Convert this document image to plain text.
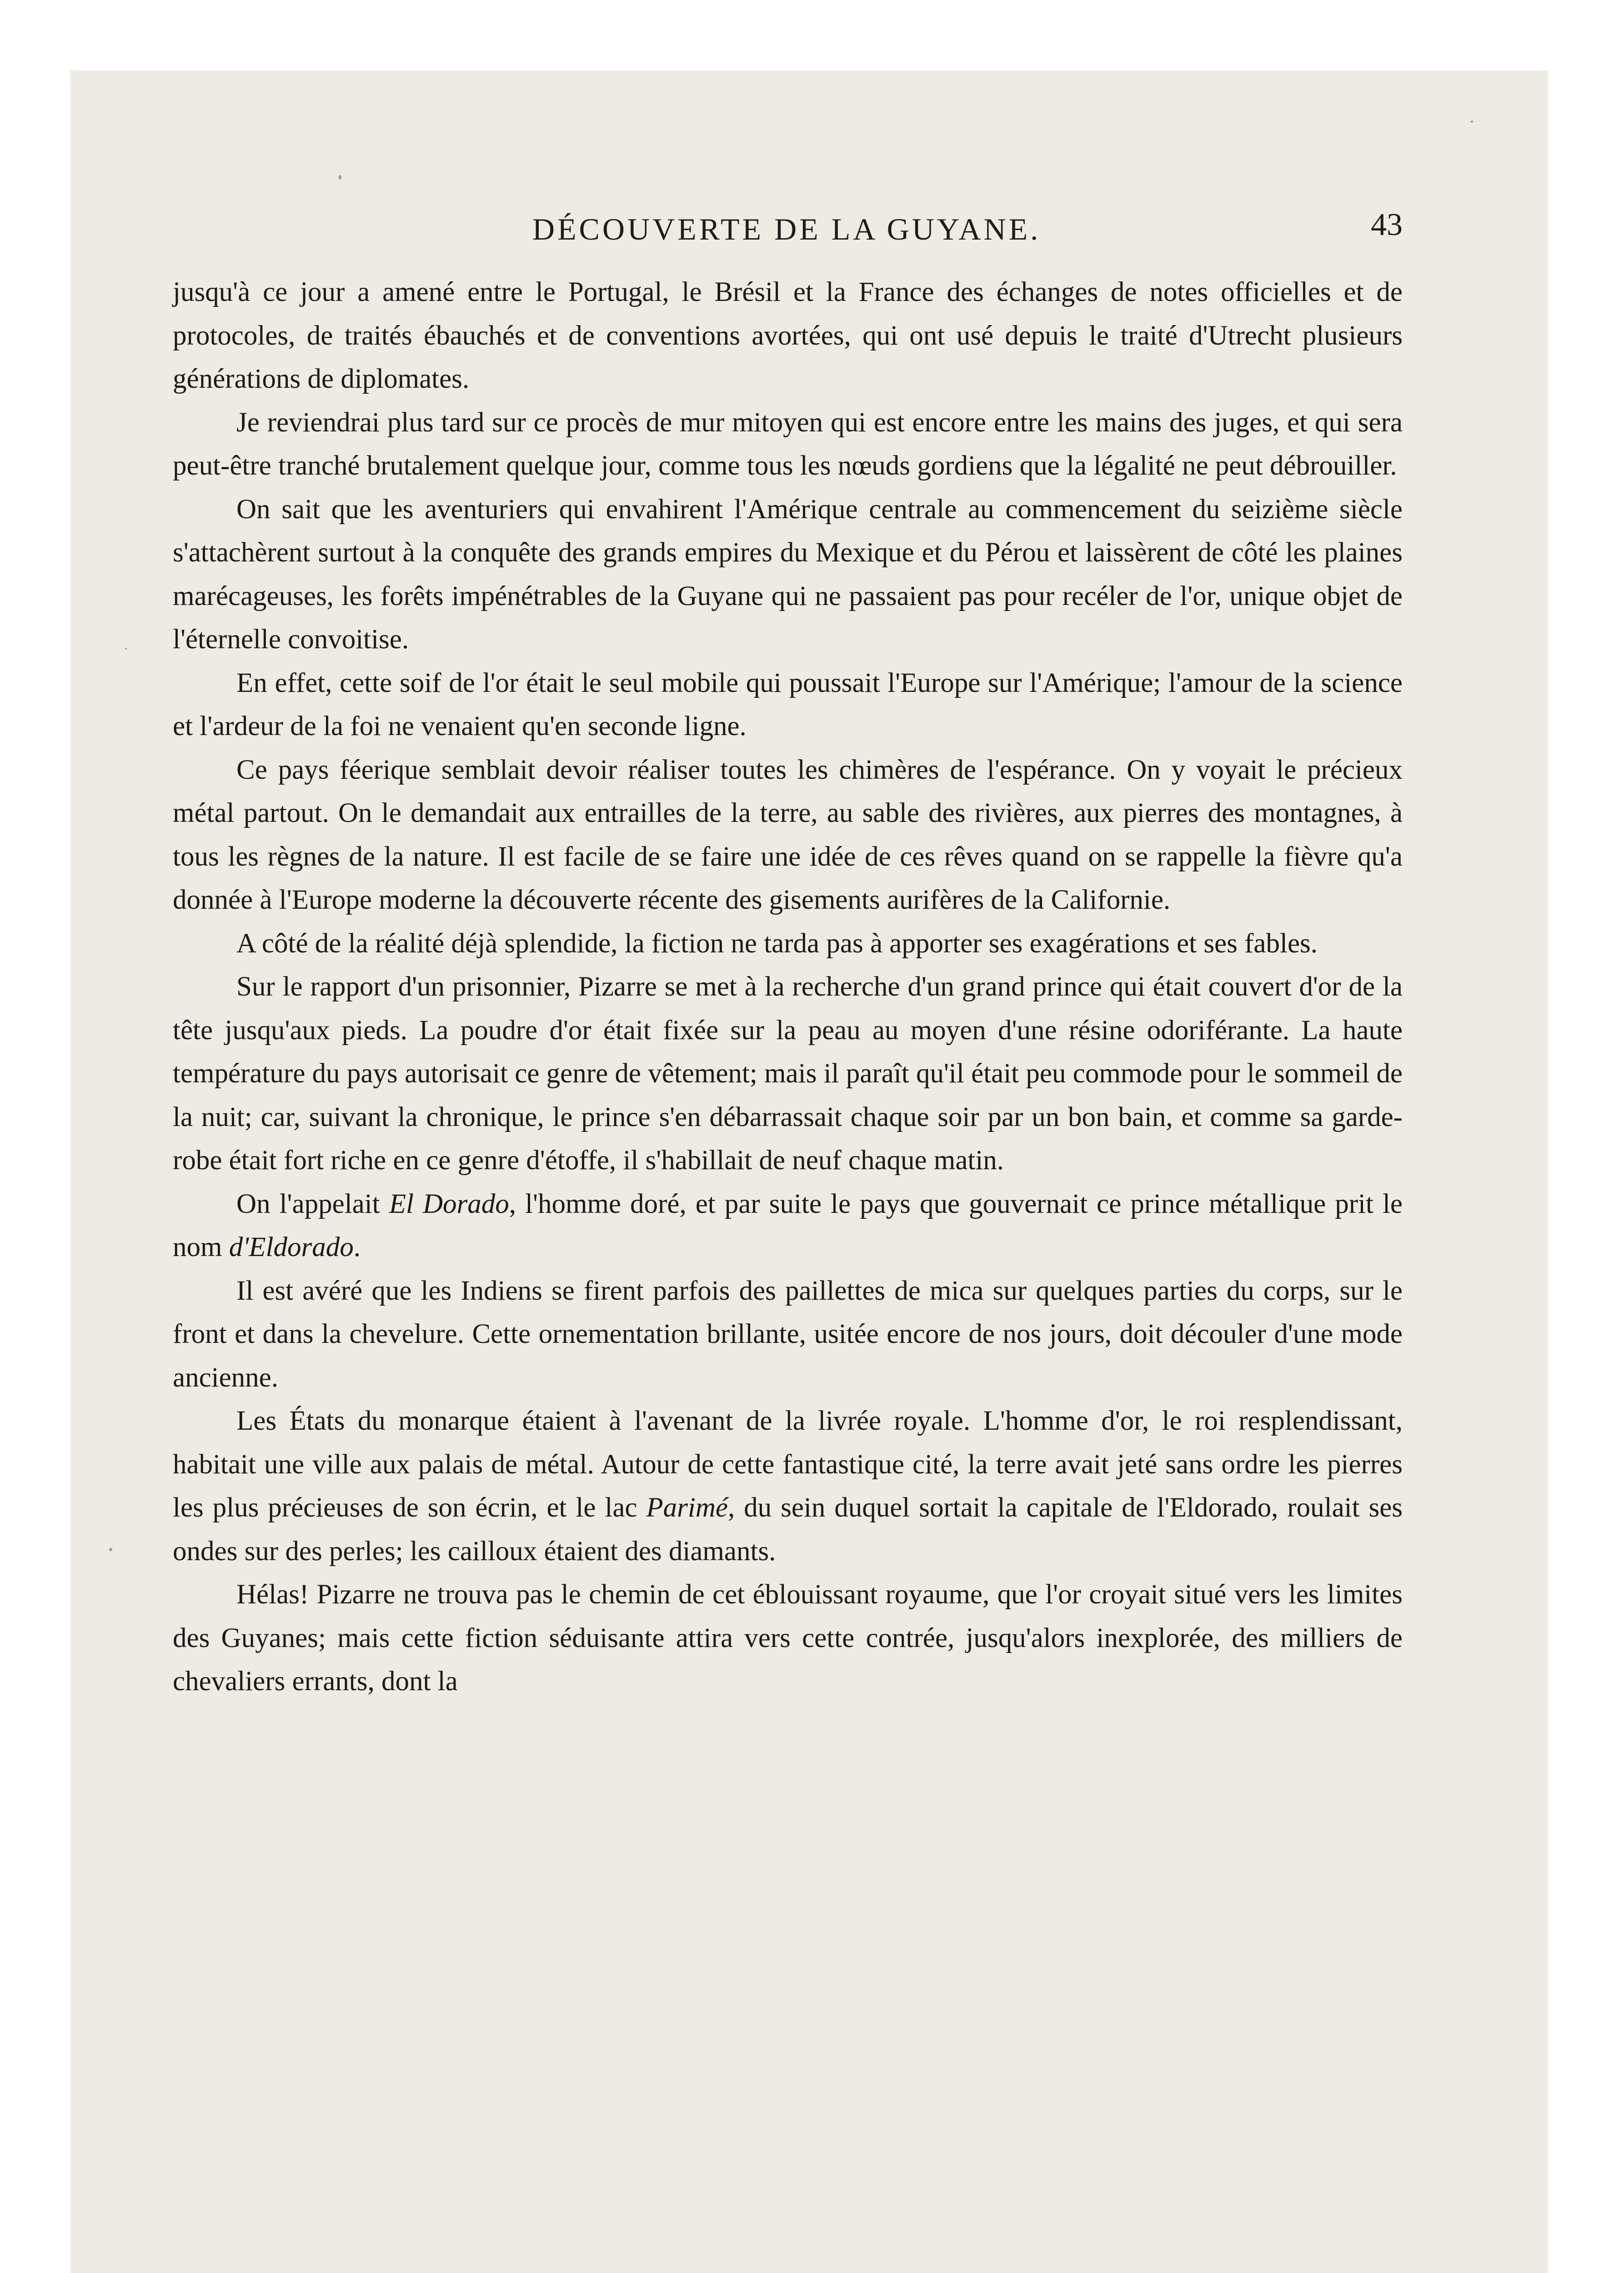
DÉCOUVERTE DE LA GUYANE.	43

jusqu'à ce jour a amené entre le Portugal, le Brésil et la France des échanges de notes officielles et de protocoles, de traités ébauchés et de conventions avortées, qui ont usé depuis le traité d'Utrecht plusieurs générations de diplomates.

Je reviendrai plus tard sur ce procès de mur mitoyen qui est encore entre les mains des juges, et qui sera peut-être tranché brutalement quelque jour, comme tous les nœuds gordiens que la légalité ne peut débrouiller.

On sait que les aventuriers qui envahirent l'Amérique centrale au commencement du seizième siècle s'attachèrent surtout à la conquête des grands empires du Mexique et du Pérou et laissèrent de côté les plaines marécageuses, les forêts impénétrables de la Guyane qui ne passaient pas pour recéler de l'or, unique objet de l'éternelle convoitise.

En effet, cette soif de l'or était le seul mobile qui poussait l'Europe sur l'Amérique; l'amour de la science et l'ardeur de la foi ne venaient qu'en seconde ligne.

Ce pays féerique semblait devoir réaliser toutes les chimères de l'espérance. On y voyait le précieux métal partout. On le demandait aux entrailles de la terre, au sable des rivières, aux pierres des montagnes, à tous les règnes de la nature. Il est facile de se faire une idée de ces rêves quand on se rappelle la fièvre qu'a donnée à l'Europe moderne la découverte récente des gisements aurifères de la Californie.

A côté de la réalité déjà splendide, la fiction ne tarda pas à apporter ses exagérations et ses fables.

Sur le rapport d'un prisonnier, Pizarre se met à la recherche d'un grand prince qui était couvert d'or de la tête jusqu'aux pieds. La poudre d'or était fixée sur la peau au moyen d'une résine odoriférante. La haute température du pays autorisait ce genre de vêtement; mais il paraît qu'il était peu commode pour le sommeil de la nuit; car, suivant la chronique, le prince s'en débarrassait chaque soir par un bon bain, et comme sa garde-robe était fort riche en ce genre d'étoffe, il s'habillait de neuf chaque matin.

On l'appelait El Dorado, l'homme doré, et par suite le pays que gouvernait ce prince métallique prit le nom d'Eldorado.

Il est avéré que les Indiens se firent parfois des paillettes de mica sur quelques parties du corps, sur le front et dans la chevelure. Cette ornementation brillante, usitée encore de nos jours, doit découler d'une mode ancienne.

Les États du monarque étaient à l'avenant de la livrée royale. L'homme d'or, le roi resplendissant, habitait une ville aux palais de métal. Autour de cette fantastique cité, la terre avait jeté sans ordre les pierres les plus précieuses de son écrin, et le lac Parimé, du sein duquel sortait la capitale de l'Eldorado, roulait ses ondes sur des perles; les cailloux étaient des diamants.

Hélas! Pizarre ne trouva pas le chemin de cet éblouissant royaume, que l'or croyait situé vers les limites des Guyanes; mais cette fiction séduisante attira vers cette contrée, jusqu'alors inexplorée, des milliers de chevaliers errants, dont la
